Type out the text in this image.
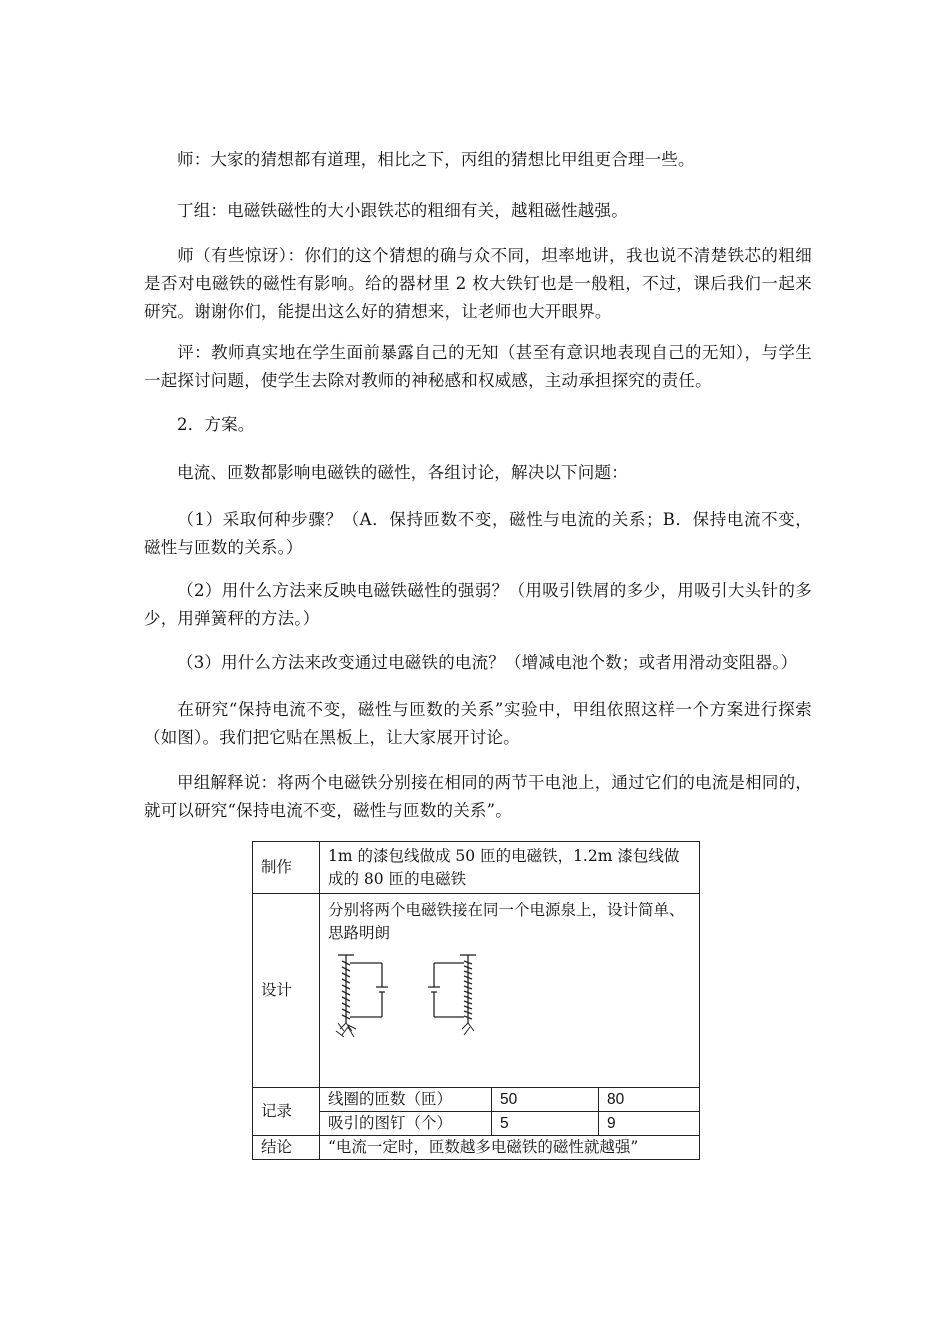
师：大家的猜想都有道理，相比之下，丙组的猜想比甲组更合理一些。

丁组：电磁铁磁性的大小跟铁芯的粗细有关，越粗磁性越强。

师（有些惊讶）：你们的这个猜想的确与众不同，坦率地讲，我也说不清楚铁芯的粗细是否对电磁铁的磁性有影响。给的器材里 2 枚大铁钉也是一般粗，不过，课后我们一起来研究。谢谢你们，能提出这么好的猜想来，让老师也大开眼界。

评：教师真实地在学生面前暴露自己的无知（甚至有意识地表现自己的无知），与学生一起探讨问题，使学生去除对教师的神秘感和权威感，主动承担探究的责任。

2．方案。

电流、匝数都影响电磁铁的磁性，各组讨论，解决以下问题：

（1）采取何种步骤？（A．保持匝数不变，磁性与电流的关系；B．保持电流不变，磁性与匝数的关系。）

（2）用什么方法来反映电磁铁磁性的强弱？（用吸引铁屑的多少，用吸引大头针的多少，用弹簧秤的方法。）

（3）用什么方法来改变通过电磁铁的电流？（增减电池个数；或者用滑动变阻器。）

在研究“保持电流不变，磁性与匝数的关系”实验中，甲组依照这样一个方案进行探索（如图）。我们把它贴在黑板上，让大家展开讨论。

甲组解释说：将两个电磁铁分别接在相同的两节干电池上，通过它们的电流是相同的，就可以研究“保持电流不变，磁性与匝数的关系”。

制作	1m 的漆包线做成 50 匝的电磁铁，1.2m 漆包线做成的 80 匝的电磁铁		
设计	分别将两个电磁铁接在同一个电源泉上，设计简单、思路明朗		

记录	线圈的匝数（匝）	50	80
	吸引的图钉（个）	5	9
结论	“电流一定时，匝数越多电磁铁的磁性就越强”		
